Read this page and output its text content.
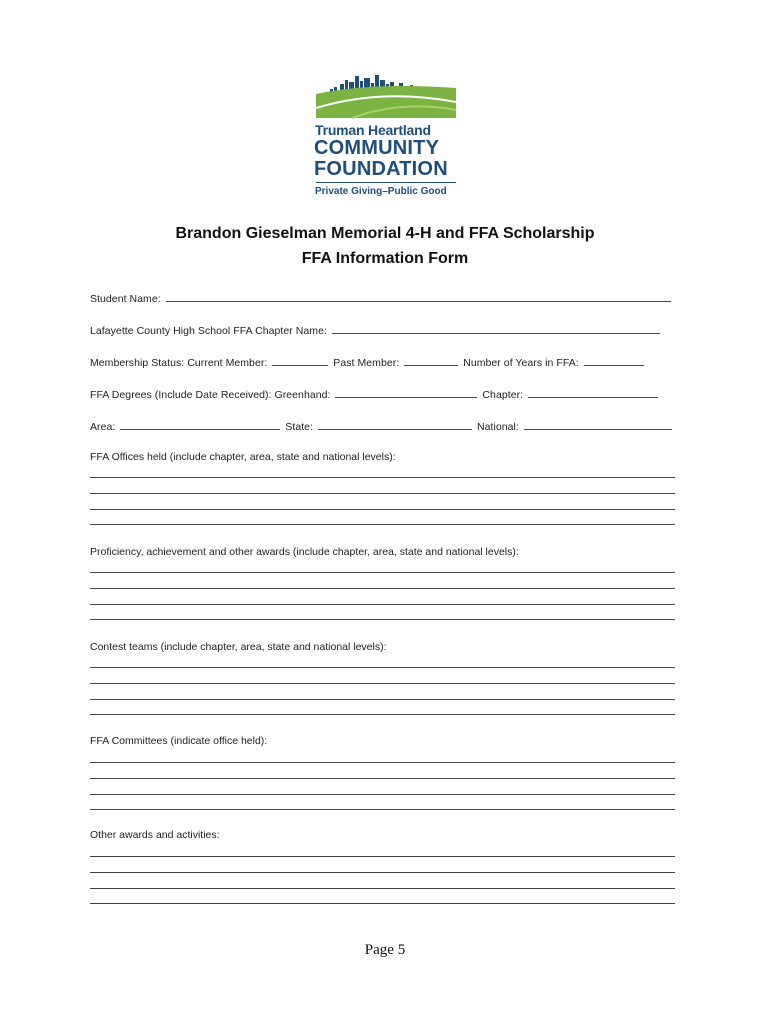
Truman Heartland
COMMUNITY
FOUNDATION
Private Giving–Public Good
Brandon Gieselman Memorial 4-H and FFA Scholarship
FFA Information Form
Student Name:
Lafayette County High School FFA Chapter Name:
Membership Status: Current Member:	Past Member:	Number of Years in FFA:
FFA Degrees (Include Date Received): Greenhand:	Chapter:
Area:	State:	National:
FFA Offices held (include chapter, area, state and national levels):
Proficiency, achievement and other awards (include chapter, area, state and national levels):
Contest teams (include chapter, area, state and national levels):
FFA Committees (indicate office held):
Other awards and activities:
Page 5
